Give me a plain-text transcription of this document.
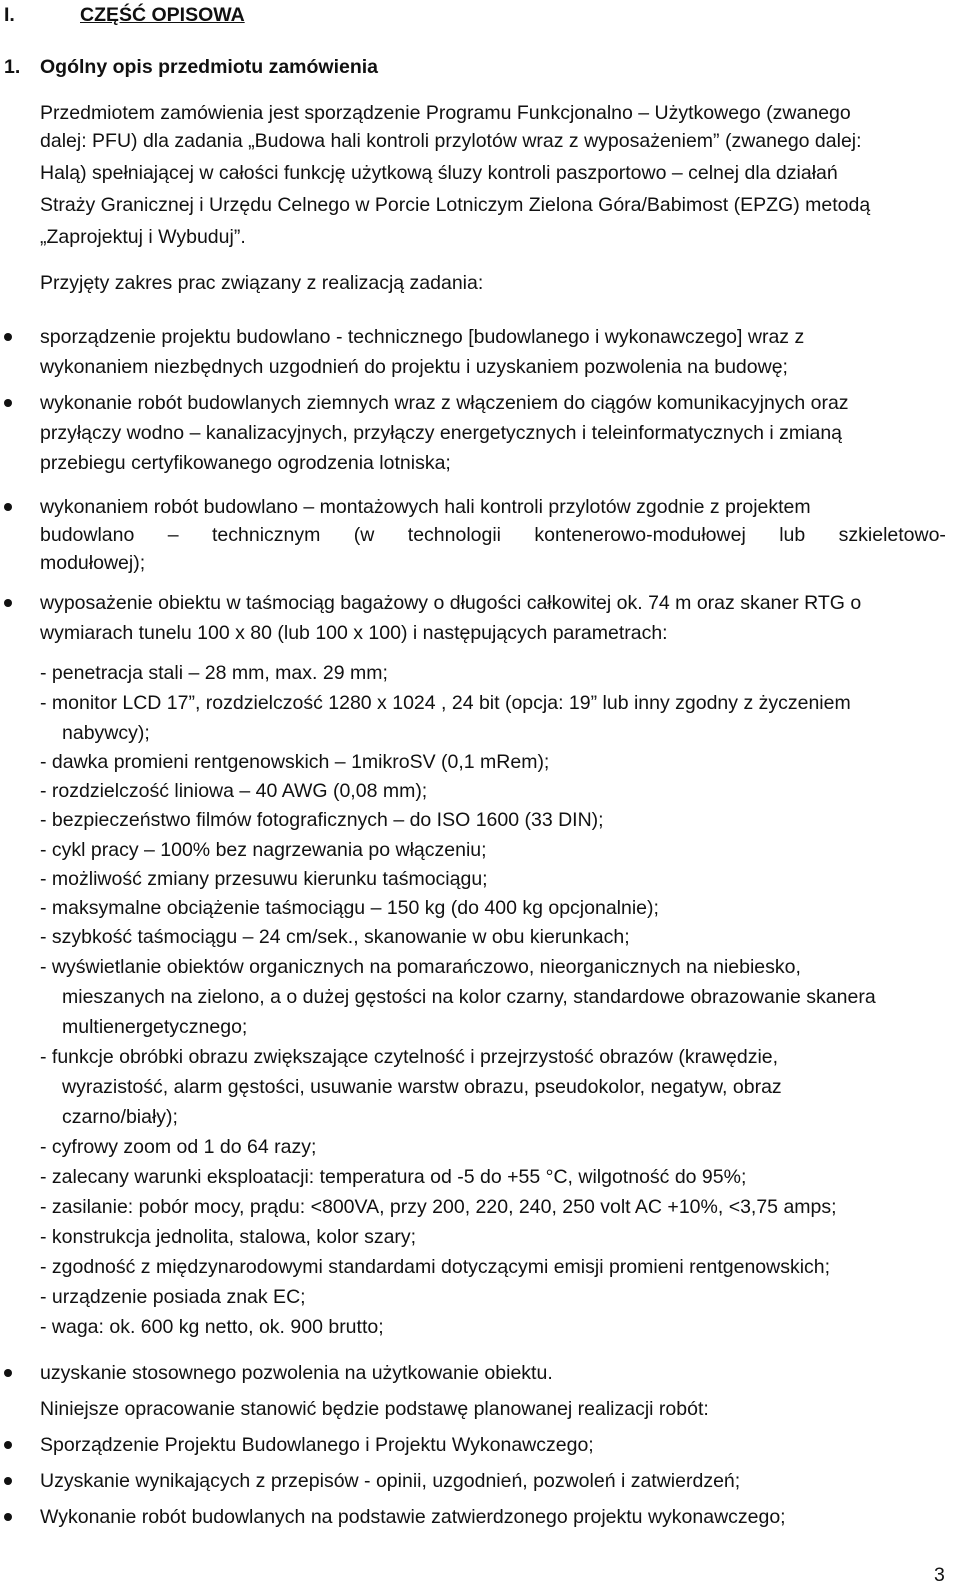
I.	CZĘŚĆ OPISOWA
1. Ogólny opis przedmiotu zamówienia
Przedmiotem zamówienia jest sporządzenie Programu Funkcjonalno – Użytkowego (zwanego
dalej: PFU) dla zadania „Budowa hali kontroli przylotów wraz z wyposażeniem” (zwanego dalej:
Halą) spełniającej w całości funkcję użytkową śluzy kontroli paszportowo – celnej dla działań
Straży Granicznej i Urzędu Celnego w Porcie Lotniczym Zielona Góra/Babimost (EPZG) metodą
„Zaprojektuj i Wybuduj”.
Przyjęty zakres prac związany z realizacją zadania:
sporządzenie projektu budowlano - technicznego [budowlanego i wykonawczego] wraz z
wykonaniem niezbędnych uzgodnień do projektu i uzyskaniem pozwolenia na budowę;
wykonanie robót budowlanych ziemnych wraz z włączeniem do ciągów komunikacyjnych oraz
przyłączy wodno – kanalizacyjnych, przyłączy energetycznych i teleinformatycznych i zmianą
przebiegu certyfikowanego ogrodzenia lotniska;
wykonaniem robót budowlano – montażowych hali kontroli przylotów zgodnie z projektem
budowlano – technicznym (w technologii kontenerowo-modułowej lub szkieletowo-
modułowej);
wyposażenie obiektu w taśmociąg bagażowy o długości całkowitej ok. 74 m oraz skaner RTG o
wymiarach tunelu 100 x 80 (lub 100 x 100) i następujących parametrach:
- penetracja stali – 28 mm, max. 29 mm;
- monitor LCD 17”, rozdzielczość 1280 x 1024 , 24 bit (opcja: 19” lub inny zgodny z życzeniem
nabywcy);
- dawka promieni rentgenowskich – 1mikroSV (0,1 mRem);
- rozdzielczość liniowa – 40 AWG (0,08 mm);
- bezpieczeństwo filmów fotograficznych – do ISO 1600 (33 DIN);
- cykl pracy – 100% bez nagrzewania po włączeniu;
- możliwość zmiany przesuwu kierunku taśmociągu;
- maksymalne obciążenie taśmociągu – 150 kg (do 400 kg opcjonalnie);
- szybkość taśmociągu – 24 cm/sek., skanowanie w obu kierunkach;
- wyświetlanie obiektów organicznych na pomarańczowo, nieorganicznych na niebiesko,
mieszanych na zielono, a o dużej gęstości na kolor czarny, standardowe obrazowanie skanera
multienergetycznego;
- funkcje obróbki obrazu zwiększające czytelność i przejrzystość obrazów (krawędzie,
wyrazistość, alarm gęstości, usuwanie warstw obrazu, pseudokolor, negatyw, obraz
czarno/biały);
- cyfrowy zoom od 1 do 64 razy;
- zalecany warunki eksploatacji: temperatura od -5 do +55 °C, wilgotność do 95%;
- zasilanie: pobór mocy, prądu: <800VA, przy 200, 220, 240, 250 volt AC +10%, <3,75 amps;
- konstrukcja jednolita, stalowa, kolor szary;
- zgodność z międzynarodowymi standardami dotyczącymi emisji promieni rentgenowskich;
- urządzenie posiada znak EC;
- waga: ok. 600 kg netto, ok. 900 brutto;
uzyskanie stosownego pozwolenia na użytkowanie obiektu.
Niniejsze opracowanie stanowić będzie podstawę planowanej realizacji robót:
Sporządzenie Projektu Budowlanego i Projektu Wykonawczego;
Uzyskanie wynikających z przepisów - opinii, uzgodnień, pozwoleń i zatwierdzeń;
Wykonanie robót budowlanych na podstawie zatwierdzonego projektu wykonawczego;
3
